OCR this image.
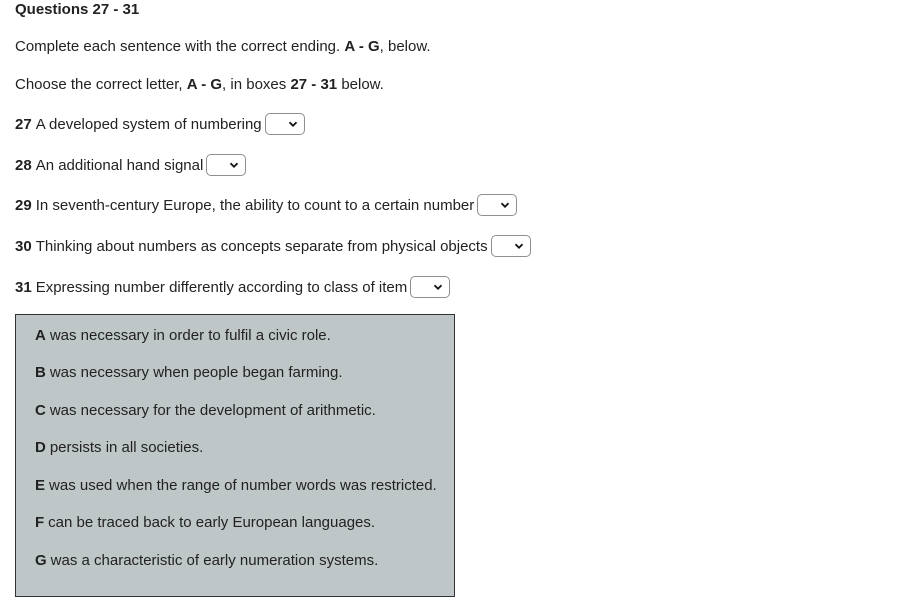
Questions 27 - 31
Complete each sentence with the correct ending. A - G, below.
Choose the correct letter, A - G, in boxes 27 - 31 below.
27 A developed system of numbering
28 An additional hand signal
29 In seventh-century Europe, the ability to count to a certain number
30 Thinking about numbers as concepts separate from physical objects
31 Expressing number differently according to class of item
A was necessary in order to fulfil a civic role.
B was necessary when people began farming.
C was necessary for the development of arithmetic.
D persists in all societies.
E was used when the range of number words was restricted.
F can be traced back to early European languages.
G was a characteristic of early numeration systems.
